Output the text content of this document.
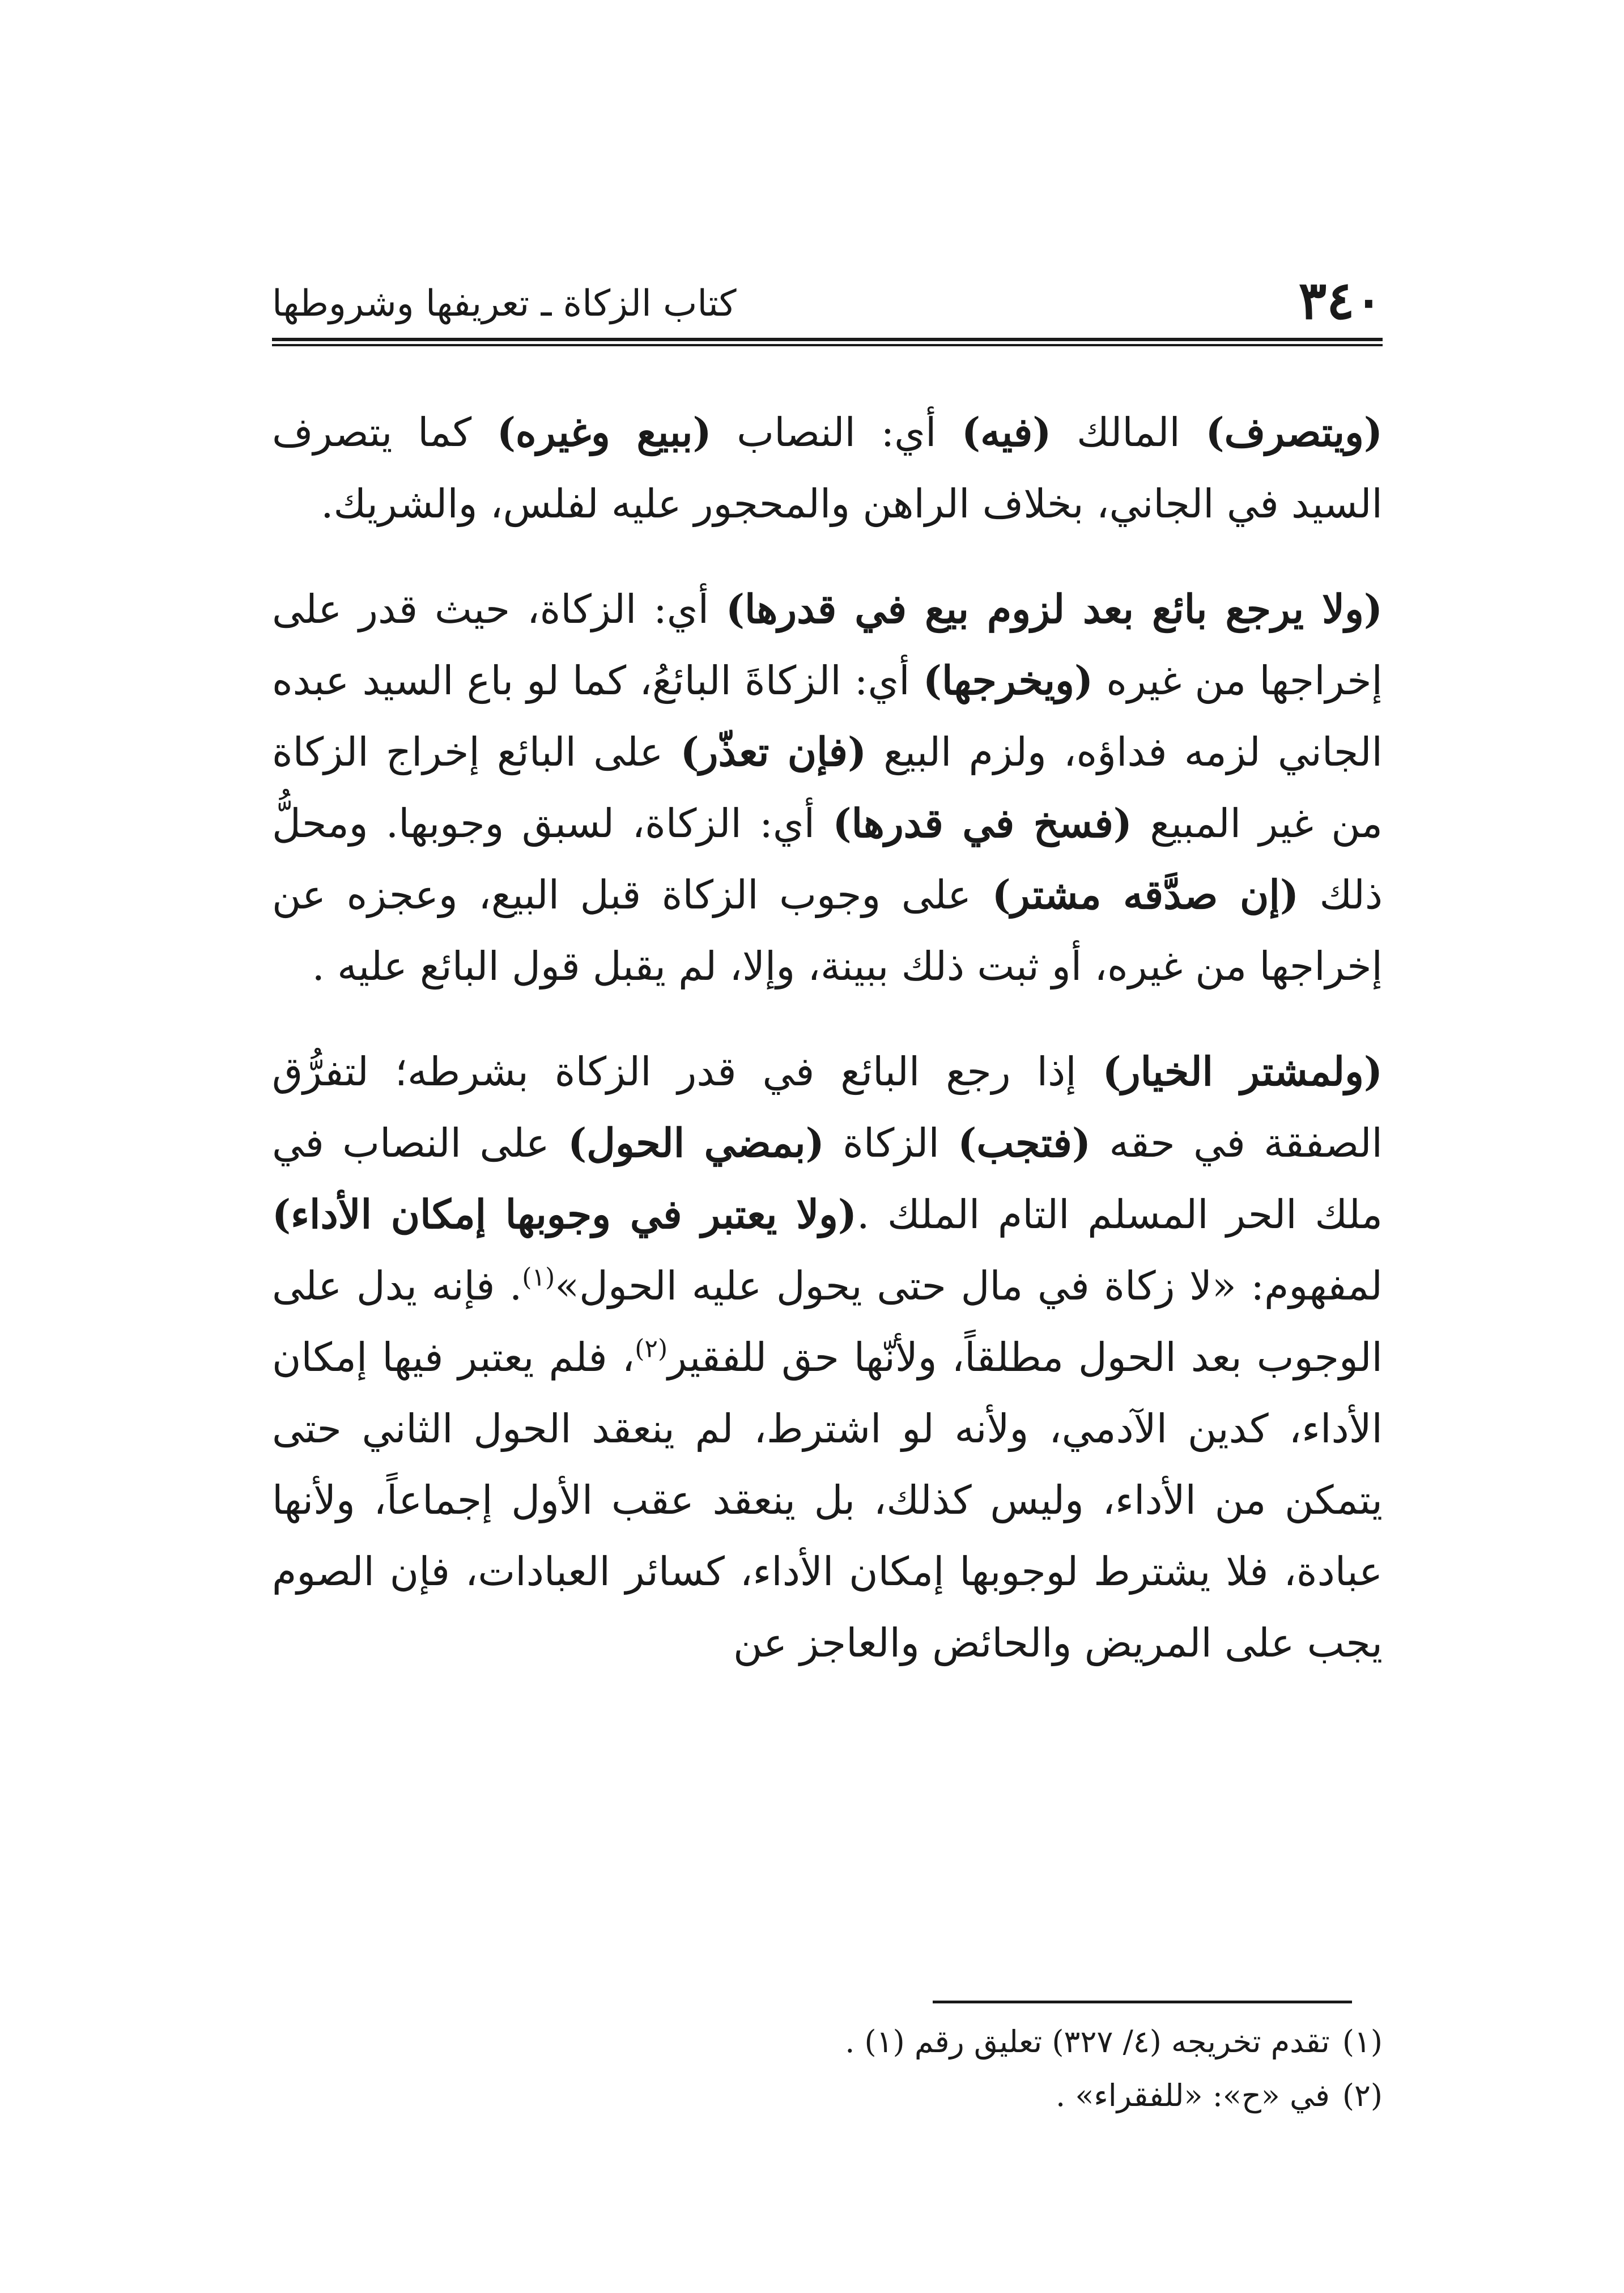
٣٤٠
كتاب الزكاة ـ تعريفها وشروطها

(ويتصرف) المالك (فيه) أي: النصاب (ببيع وغيره) كما يتصرف السيد في الجاني، بخلاف الراهن والمحجور عليه لفلس، والشريك.

(ولا يرجع بائع بعد لزوم بيع في قدرها) أي: الزكاة، حيث قدر على إخراجها من غيره (ويخرجها) أي: الزكاةَ البائعُ، كما لو باع السيد عبده الجاني لزمه فداؤه، ولزم البيع (فإن تعذّر) على البائع إخراج الزكاة من غير المبيع (فسخ في قدرها) أي: الزكاة، لسبق وجوبها. ومحلُّ ذلك (إن صدَّقه مشتر) على وجوب الزكاة قبل البيع، وعجزه عن إخراجها من غيره، أو ثبت ذلك ببينة، وإلا، لم يقبل قول البائع عليه .

(ولمشتر الخيار) إذا رجع البائع في قدر الزكاة بشرطه؛ لتفرُّق الصفقة في حقه (فتجب) الزكاة (بمضي الحول) على النصاب في ملك الحر المسلم التام الملك .(ولا يعتبر في وجوبها إمكان الأداء) لمفهوم: «لا زكاة في مال حتى يحول عليه الحول»$^{(١)}$. فإنه يدل على الوجوب بعد الحول مطلقاً، ولأنّها حق للفقير$^{(٢)}$، فلم يعتبر فيها إمكان الأداء، كدين الآدمي، ولأنه لو اشترط، لم ينعقد الحول الثاني حتى يتمكن من الأداء، وليس كذلك، بل ينعقد عقب الأول إجماعاً، ولأنها عبادة، فلا يشترط لوجوبها إمكان الأداء، كسائر العبادات، فإن الصوم يجب على المريض والحائض والعاجز عن

(١)تقدم تخريجه (٤/ ٣٢٧) تعليق رقم (١) .

(٢)في «ح»: «للفقراء» .
